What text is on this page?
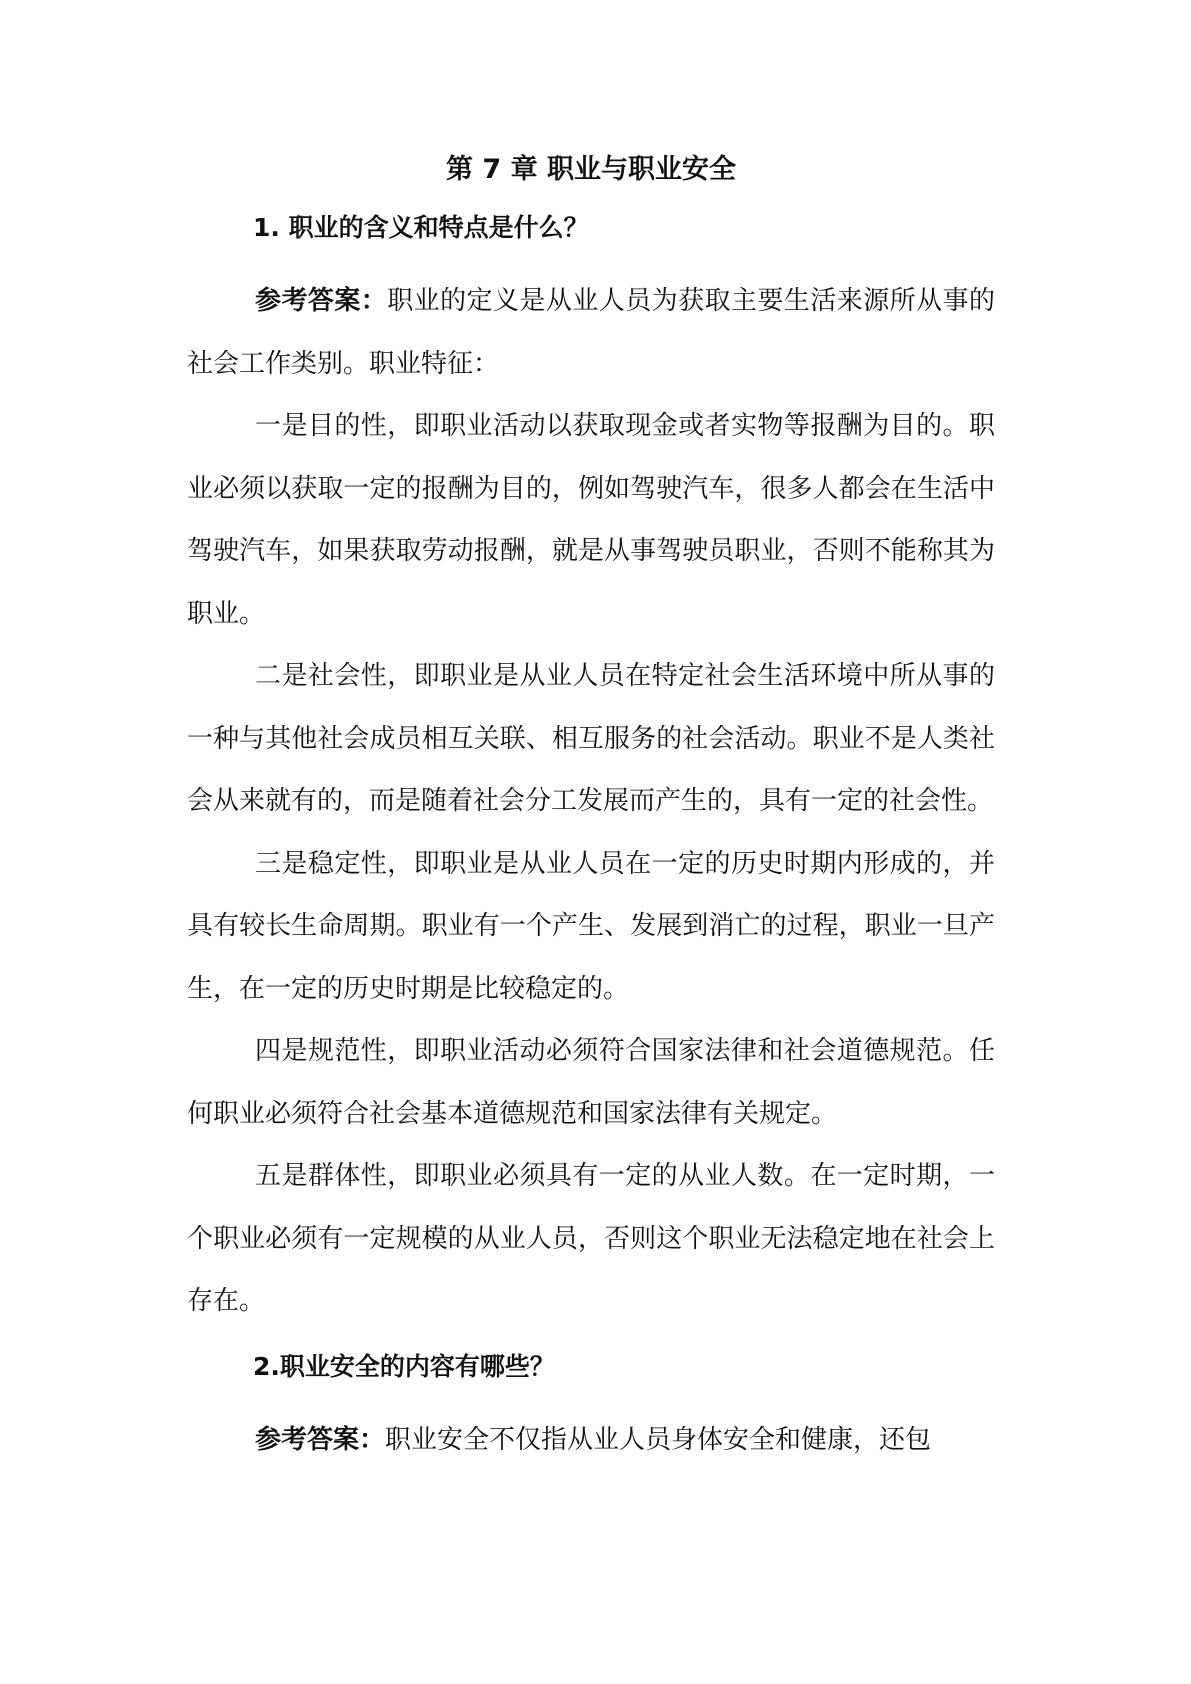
第 7 章 职业与职业安全

1. 职业的含义和特点是什么？

参考答案：职业的定义是从业人员为获取主要生活来源所从事的社会工作类别。职业特征：

一是目的性，即职业活动以获取现金或者实物等报酬为目的。职业必须以获取一定的报酬为目的，例如驾驶汽车，很多人都会在生活中驾驶汽车，如果获取劳动报酬，就是从事驾驶员职业，否则不能称其为职业。

二是社会性，即职业是从业人员在特定社会生活环境中所从事的一种与其他社会成员相互关联、相互服务的社会活动。职业不是人类社会从来就有的，而是随着社会分工发展而产生的，具有一定的社会性。

三是稳定性，即职业是从业人员在一定的历史时期内形成的，并具有较长生命周期。职业有一个产生、发展到消亡的过程，职业一旦产生，在一定的历史时期是比较稳定的。

四是规范性，即职业活动必须符合国家法律和社会道德规范。任何职业必须符合社会基本道德规范和国家法律有关规定。

五是群体性，即职业必须具有一定的从业人数。在一定时期，一个职业必须有一定规模的从业人员，否则这个职业无法稳定地在社会上存在。

2.职业安全的内容有哪些？

参考答案：职业安全不仅指从业人员身体安全和健康，还包
